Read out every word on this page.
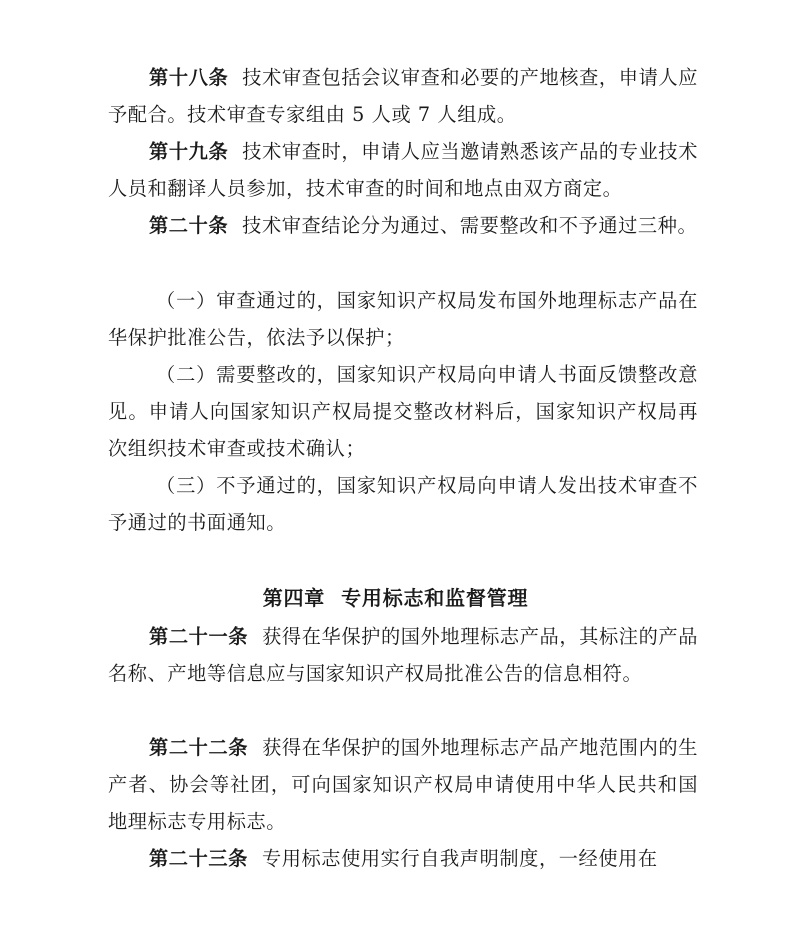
第十八条 技术审查包括会议审查和必要的产地核查，申请人应予配合。技术审查专家组由 5 人或 7 人组成。

第十九条 技术审查时，申请人应当邀请熟悉该产品的专业技术人员和翻译人员参加，技术审查的时间和地点由双方商定。

第二十条 技术审查结论分为通过、需要整改和不予通过三种。

（一）审查通过的，国家知识产权局发布国外地理标志产品在华保护批准公告，依法予以保护；

（二）需要整改的，国家知识产权局向申请人书面反馈整改意见。申请人向国家知识产权局提交整改材料后，国家知识产权局再次组织技术审查或技术确认；

（三）不予通过的，国家知识产权局向申请人发出技术审查不予通过的书面通知。

第四章 专用标志和监督管理

第二十一条 获得在华保护的国外地理标志产品，其标注的产品名称、产地等信息应与国家知识产权局批准公告的信息相符。

第二十二条 获得在华保护的国外地理标志产品产地范围内的生产者、协会等社团，可向国家知识产权局申请使用中华人民共和国地理标志专用标志。

第二十三条 专用标志使用实行自我声明制度，一经使用在
